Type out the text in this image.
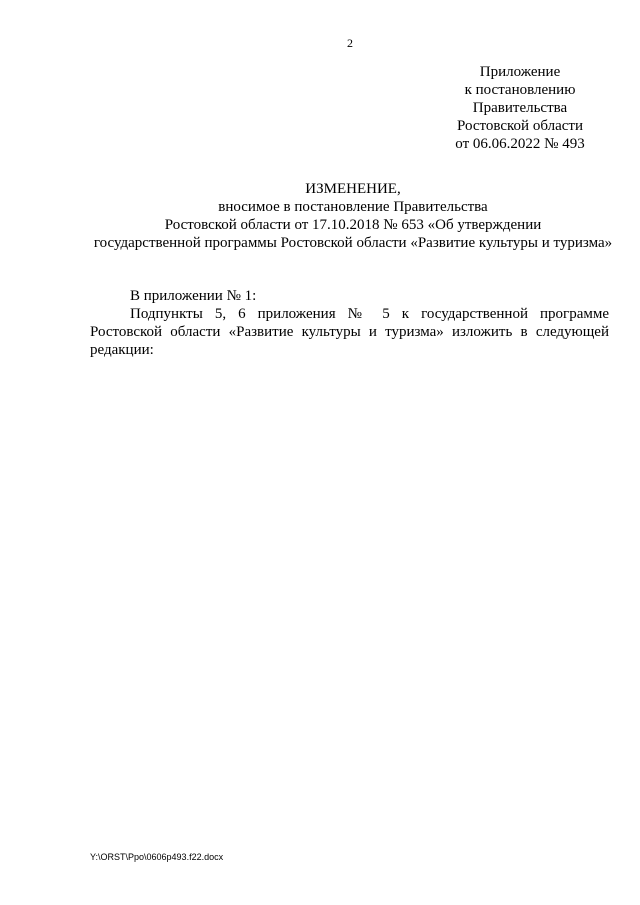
2
Приложение
к постановлению
Правительства
Ростовской области
от 06.06.2022 № 493
ИЗМЕНЕНИЕ,
вносимое в постановление Правительства
Ростовской области от 17.10.2018 № 653 «Об утверждении
государственной программы Ростовской области «Развитие культуры и туризма»

В приложении № 1:

Подпункты 5, 6 приложения № 5 к государственной программе Ростовской области «Развитие культуры и туризма» изложить в следующей редакции:

Y:\ORST\Ppo\0606p493.f22.docx
